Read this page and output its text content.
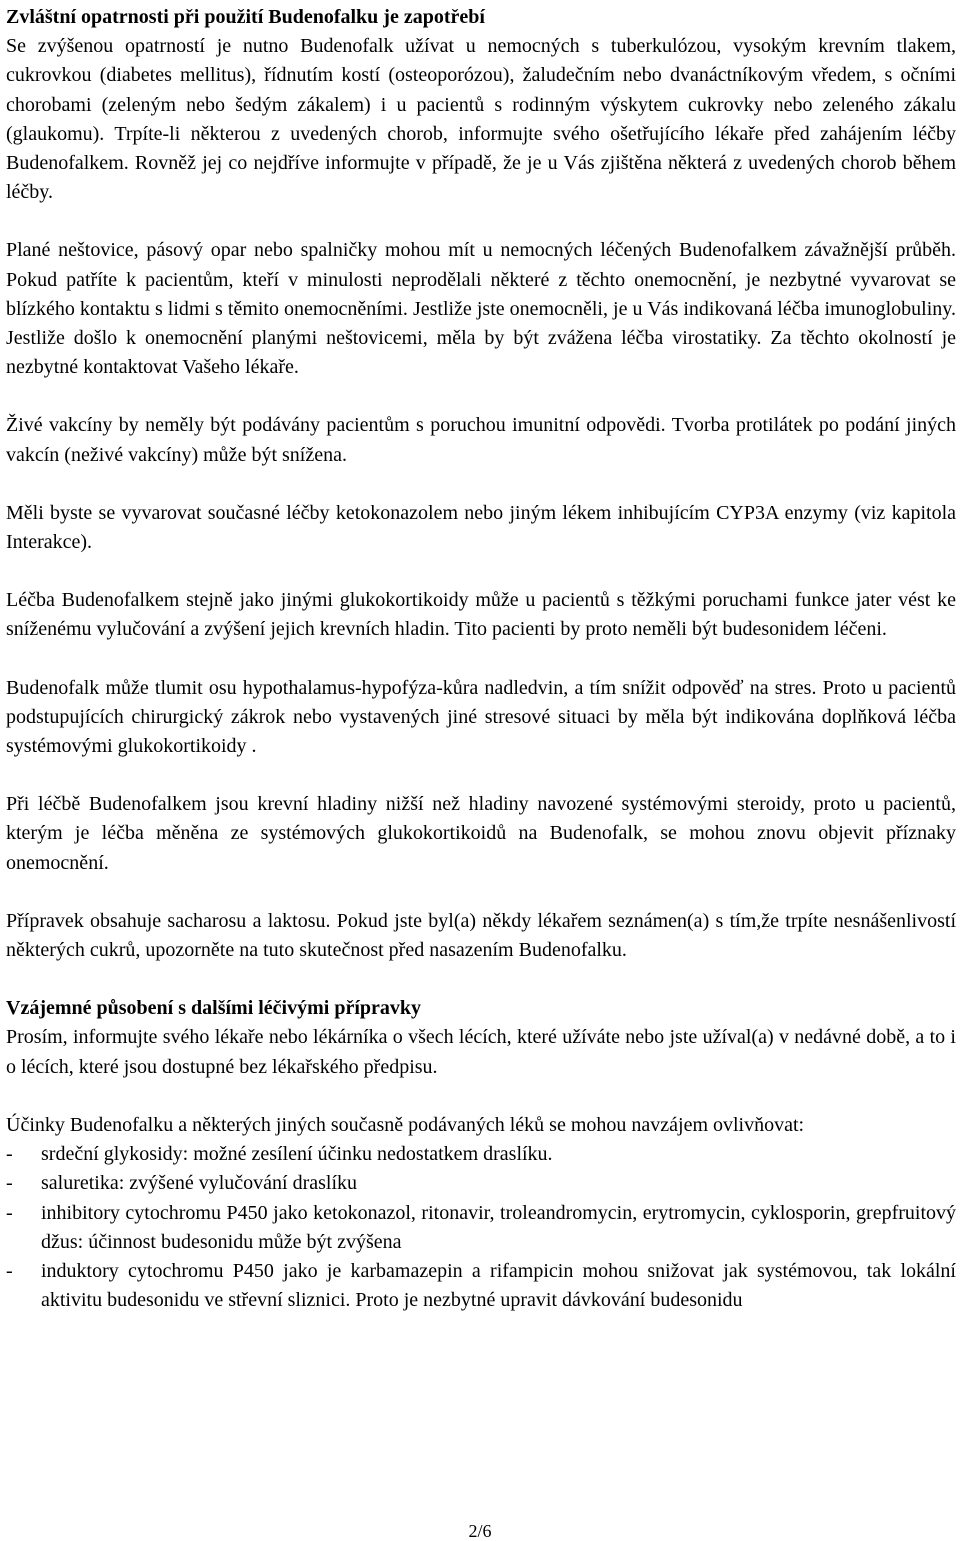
Zvláštní opatrnosti při použití Budenofalku je zapotřebí

Se zvýšenou opatrností je nutno Budenofalk užívat u nemocných s tuberkulózou, vysokým krevním tlakem, cukrovkou (diabetes mellitus), řídnutím kostí (osteoporózou), žaludečním nebo dvanáctníkovým vředem, s očními chorobami (zeleným nebo šedým zákalem) i u pacientů s rodinným výskytem cukrovky nebo zeleného zákalu (glaukomu). Trpíte-li některou z uvedených chorob, informujte svého ošetřujícího lékaře před zahájením léčby Budenofalkem. Rovněž jej co nejdříve informujte v případě, že je u Vás zjištěna některá z uvedených chorob během léčby.

Plané neštovice, pásový opar nebo spalničky mohou mít u nemocných léčených Budenofalkem závažnější průběh. Pokud patříte k pacientům, kteří v minulosti neprodělali některé z těchto onemocnění, je nezbytné vyvarovat se blízkého kontaktu s lidmi s těmito onemocněními. Jestliže jste onemocněli, je u Vás indikovaná léčba imunoglobuliny. Jestliže došlo k onemocnění planými neštovicemi, měla by být zvážena léčba virostatiky. Za těchto okolností je nezbytné kontaktovat Vašeho lékaře.

Živé vakcíny by neměly být podávány pacientům s poruchou imunitní odpovědi. Tvorba protilátek po podání jiných vakcín (neživé vakcíny) může být snížena.

Měli byste se vyvarovat současné léčby ketokonazolem nebo jiným lékem inhibujícím CYP3A enzymy (viz kapitola Interakce).

Léčba Budenofalkem stejně jako jinými glukokortikoidy může u pacientů s těžkými poruchami funkce jater vést ke sníženému vylučování a zvýšení jejich krevních hladin. Tito pacienti by proto neměli být budesonidem léčeni.

Budenofalk může tlumit osu hypothalamus-hypofýza-kůra nadledvin, a tím snížit odpověď na stres. Proto u pacientů podstupujících chirurgický zákrok nebo vystavených jiné stresové situaci by měla být indikována doplňková léčba systémovými glukokortikoidy .

Při léčbě Budenofalkem jsou krevní hladiny nižší než hladiny navozené systémovými steroidy, proto u pacientů, kterým je léčba měněna ze systémových glukokortikoidů na Budenofalk, se mohou znovu objevit příznaky onemocnění.

Přípravek obsahuje sacharosu a laktosu. Pokud jste byl(a) někdy lékařem seznámen(a) s tím,že trpíte nesnášenlivostí některých cukrů, upozorněte na tuto skutečnost před nasazením Budenofalku.

Vzájemné působení s dalšími léčivými přípravky

Prosím, informujte svého lékaře nebo lékárníka o všech lécích, které užíváte nebo jste užíval(a) v nedávné době, a to i o lécích, které jsou dostupné bez lékařského předpisu.

Účinky Budenofalku a některých jiných současně podávaných léků se mohou navzájem ovlivňovat:

- srdeční glykosidy: možné zesílení účinku nedostatkem draslíku.
- saluretika: zvýšené vylučování draslíku
- inhibitory cytochromu P450 jako ketokonazol, ritonavir, troleandromycin, erytromycin, cyklosporin, grepfruitový džus: účinnost budesonidu může být zvýšena
- induktory cytochromu P450 jako je karbamazepin a rifampicin mohou snižovat jak systémovou, tak lokální aktivitu budesonidu ve střevní sliznici. Proto je nezbytné upravit dávkování budesonidu
2/6
